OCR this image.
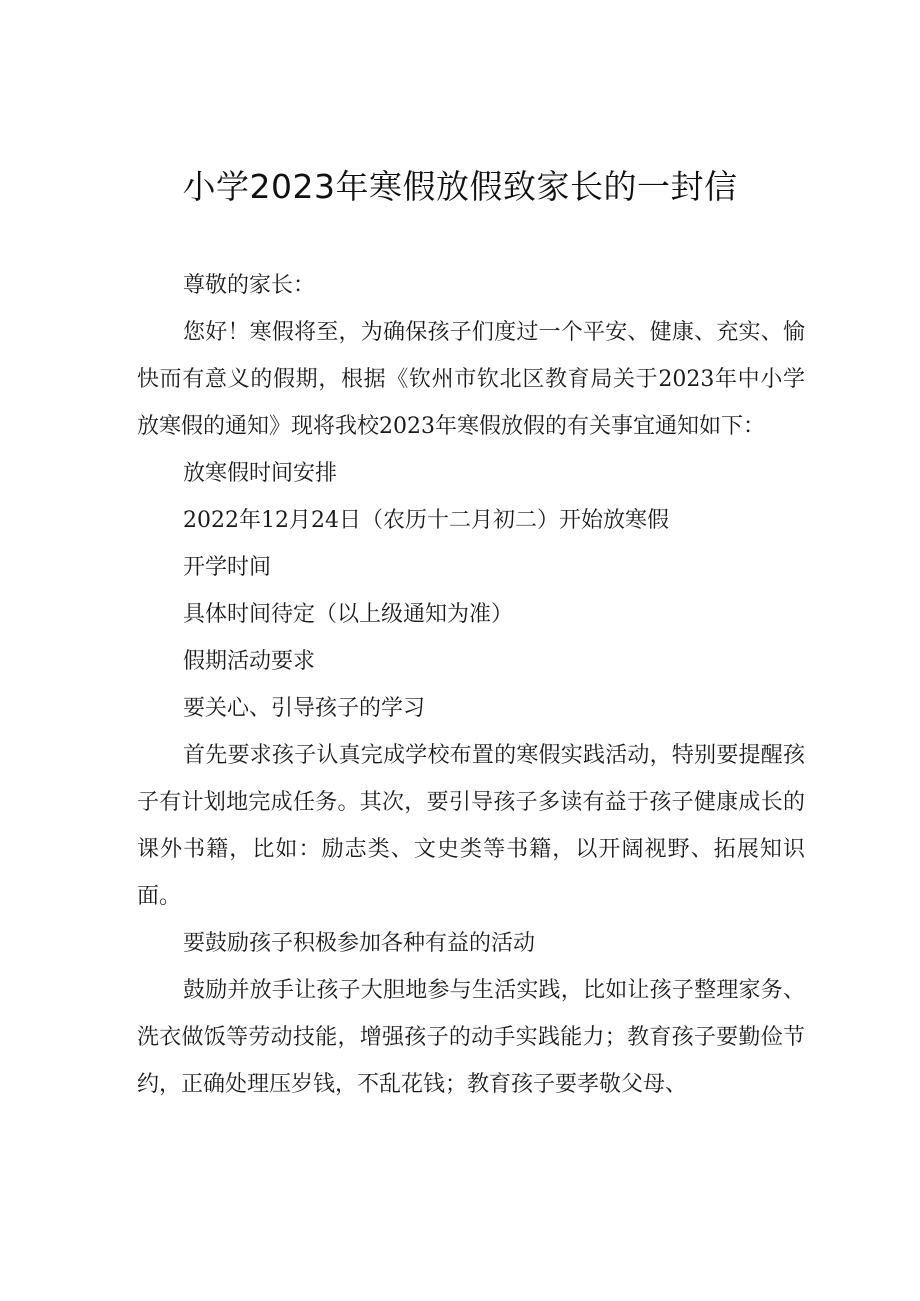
小学2023年寒假放假致家长的一封信

尊敬的家长：

您好！寒假将至，为确保孩子们度过一个平安、健康、充实、愉快而有意义的假期，根据《钦州市钦北区教育局关于2023年中小学放寒假的通知》现将我校2023年寒假放假的有关事宜通知如下：

放寒假时间安排

2022年12月24日（农历十二月初二）开始放寒假

开学时间

具体时间待定（以上级通知为准）

假期活动要求

要关心、引导孩子的学习

首先要求孩子认真完成学校布置的寒假实践活动，特别要提醒孩子有计划地完成任务。其次，要引导孩子多读有益于孩子健康成长的课外书籍，比如：励志类、文史类等书籍，以开阔视野、拓展知识面。

要鼓励孩子积极参加各种有益的活动

鼓励并放手让孩子大胆地参与生活实践，比如让孩子整理家务、洗衣做饭等劳动技能，增强孩子的动手实践能力；教育孩子要勤俭节约，正确处理压岁钱，不乱花钱；教育孩子要孝敬父母、
